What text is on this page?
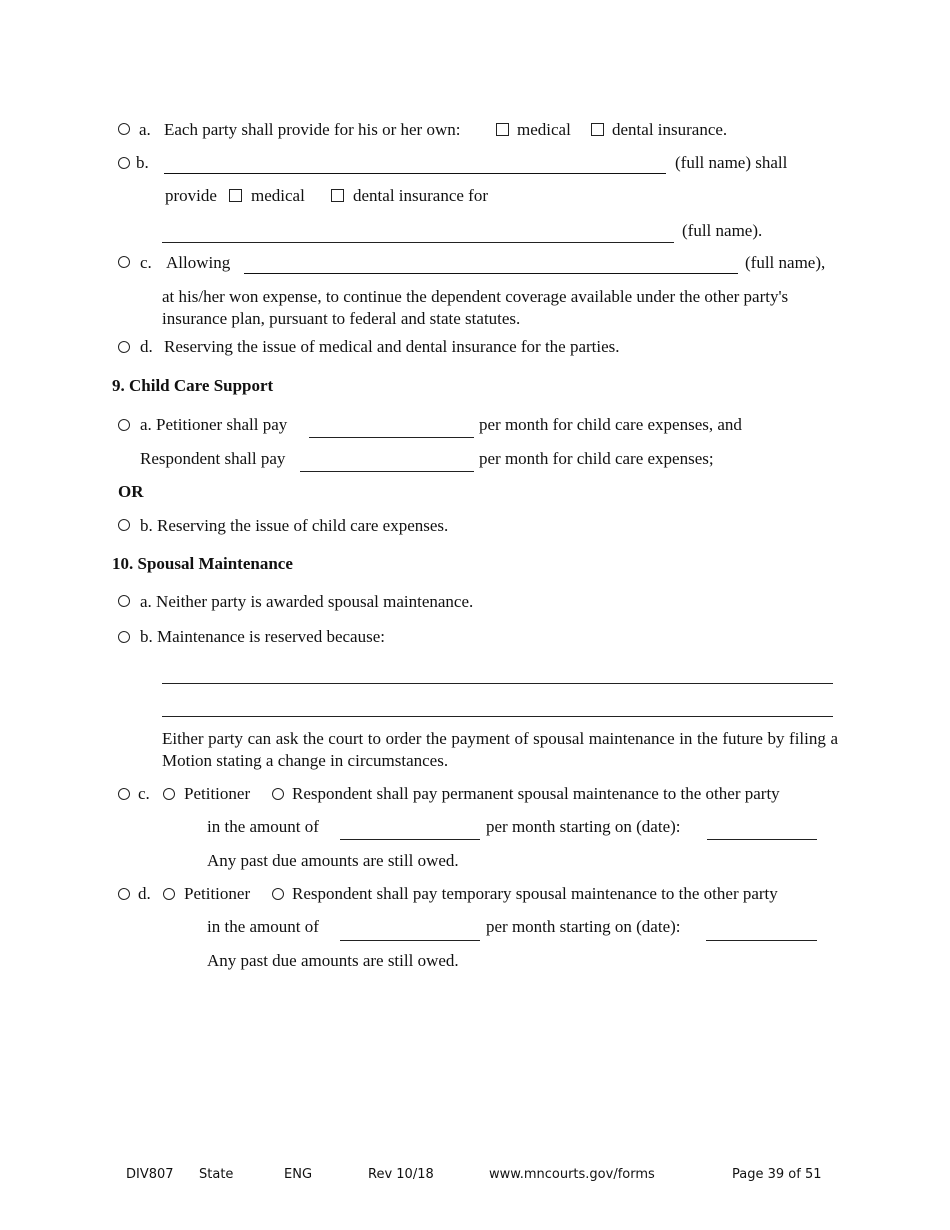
a. Each party shall provide for his or her own:	medical dental insurance.
b.	(full name) shall
provide medical	dental insurance for
(full name).
c. Allowing	(full name),
at his/her won expense, to continue the dependent coverage available under the other party's insurance plan, pursuant to federal and state statutes.
d. Reserving the issue of medical and dental insurance for the parties.
9. Child Care Support
a. Petitioner shall pay	per month for child care expenses, and
Respondent shall pay	per month for child care expenses;
OR
b. Reserving the issue of child care expenses.
10. Spousal Maintenance
a. Neither party is awarded spousal maintenance.
b. Maintenance is reserved because:
Either party can ask the court to order the payment of spousal maintenance in the future by filing a Motion stating a change in circumstances.
c. Petitioner Respondent shall pay permanent spousal maintenance to the other party
in the amount of	per month starting on (date):
Any past due amounts are still owed.
d. Petitioner Respondent shall pay temporary spousal maintenance to the other party
in the amount of	per month starting on (date):
Any past due amounts are still owed.
DIV807 State	ENG	Rev 10/18	www.mncourts.gov/forms	Page 39 of 51
